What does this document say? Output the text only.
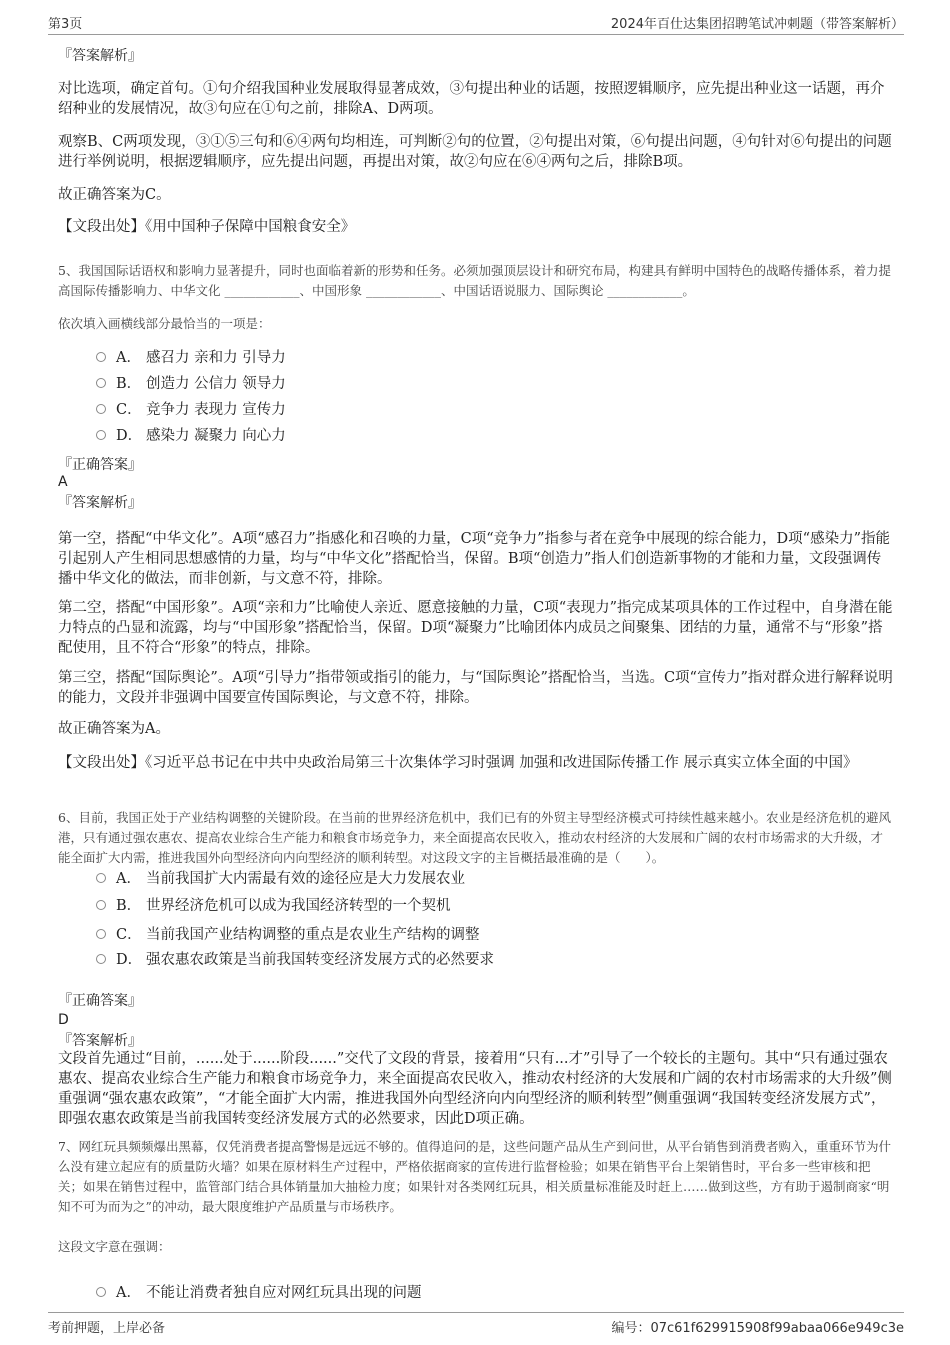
第3页	2024年百仕达集团招聘笔试冲刺题（带答案解析）
『答案解析』
对比选项，确定首句。①句介绍我国种业发展取得显著成效，③句提出种业的话题，按照逻辑顺序，应先提出种业这一话题，再介绍种业的发展情况，故③句应在①句之前，排除A、D两项。
观察B、C两项发现，③①⑤三句和⑥④两句均相连，可判断②句的位置，②句提出对策，⑥句提出问题，④句针对⑥句提出的问题进行举例说明，根据逻辑顺序，应先提出问题，再提出对策，故②句应在⑥④两句之后，排除B项。
故正确答案为C。
【文段出处】《用中国种子保障中国粮食安全》
5、我国国际话语权和影响力显著提升，同时也面临着新的形势和任务。必须加强顶层设计和研究布局，构建具有鲜明中国特色的战略传播体系，着力提高国际传播影响力、中华文化 ____________、中国形象 ____________、中国话语说服力、国际舆论 ____________。
依次填入画横线部分最恰当的一项是：
A． 感召力 亲和力 引导力
B． 创造力 公信力 领导力
C． 竞争力 表现力 宣传力
D． 感染力 凝聚力 向心力
『正确答案』
A
『答案解析』
第一空，搭配“中华文化”。A项“感召力”指感化和召唤的力量，C项“竞争力”指参与者在竞争中展现的综合能力，D项“感染力”指能引起别人产生相同思想感情的力量，均与“中华文化”搭配恰当，保留。B项“创造力”指人们创造新事物的才能和力量，文段强调传播中华文化的做法，而非创新，与文意不符，排除。
第二空，搭配“中国形象”。A项“亲和力”比喻使人亲近、愿意接触的力量，C项“表现力”指完成某项具体的工作过程中，自身潜在能力特点的凸显和流露，均与“中国形象”搭配恰当，保留。D项“凝聚力”比喻团体内成员之间聚集、团结的力量，通常不与“形象”搭配使用，且不符合“形象”的特点，排除。
第三空，搭配“国际舆论”。A项“引导力”指带领或指引的能力，与“国际舆论”搭配恰当，当选。C项“宣传力”指对群众进行解释说明的能力，文段并非强调中国要宣传国际舆论，与文意不符，排除。
故正确答案为A。
【文段出处】《习近平总书记在中共中央政治局第三十次集体学习时强调 加强和改进国际传播工作 展示真实立体全面的中国》
6、目前，我国正处于产业结构调整的关键阶段。在当前的世界经济危机中，我们已有的外贸主导型经济模式可持续性越来越小。农业是经济危机的避风港，只有通过强农惠农、提高农业综合生产能力和粮食市场竞争力，来全面提高农民收入，推动农村经济的大发展和广阔的农村市场需求的大升级，才能全面扩大内需，推进我国外向型经济向内向型经济的顺利转型。对这段文字的主旨概括最准确的是（　　）。
A． 当前我国扩大内需最有效的途径应是大力发展农业
B． 世界经济危机可以成为我国经济转型的一个契机
C． 当前我国产业结构调整的重点是农业生产结构的调整
D． 强农惠农政策是当前我国转变经济发展方式的必然要求
『正确答案』
D
『答案解析』
文段首先通过“目前，......处于......阶段......”交代了文段的背景，接着用“只有...才”引导了一个较长的主题句。其中“只有通过强农惠农、提高农业综合生产能力和粮食市场竞争力，来全面提高农民收入，推动农村经济的大发展和广阔的农村市场需求的大升级”侧重强调“强农惠农政策”，“才能全面扩大内需，推进我国外向型经济向内向型经济的顺利转型”侧重强调“我国转变经济发展方式”，即强农惠农政策是当前我国转变经济发展方式的必然要求，因此D项正确。
7、网红玩具频频爆出黑幕，仅凭消费者提高警惕是远远不够的。值得追问的是，这些问题产品从生产到问世，从平台销售到消费者购入，重重环节为什么没有建立起应有的质量防火墙？如果在原材料生产过程中，严格依据商家的宣传进行监督检验；如果在销售平台上架销售时，平台多一些审核和把关；如果在销售过程中，监管部门结合具体销量加大抽检力度；如果针对各类网红玩具，相关质量标准能及时赶上……做到这些，方有助于遏制商家“明知不可为而为之”的冲动，最大限度维护产品质量与市场秩序。
这段文字意在强调：
A． 不能让消费者独自应对网红玩具出现的问题
考前押题，上岸必备	编号：07c61f629915908f99abaa066e949c3e
